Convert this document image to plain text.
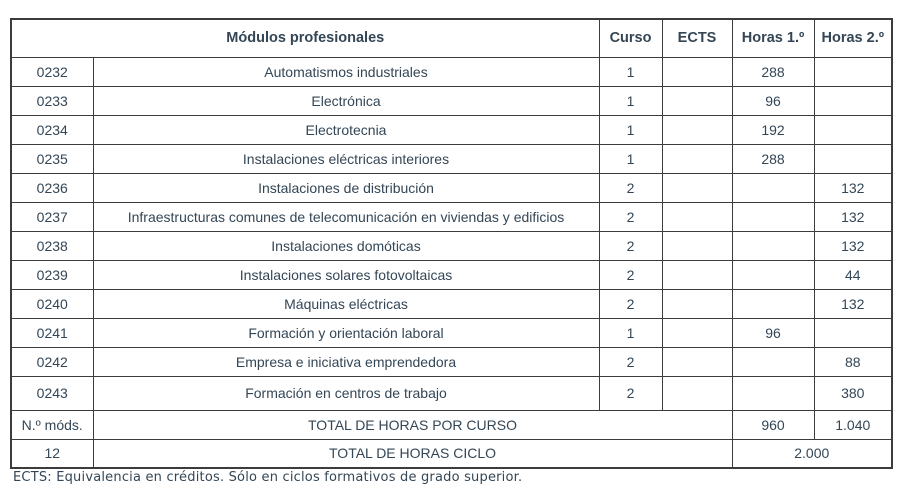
Módulos profesionales		Curso	ECTS	Horas 1.º	Horas 2.º
0232	Automatismos industriales	1		288	
0233	Electrónica	1		96	
0234	Electrotecnia	1		192	
0235	Instalaciones eléctricas interiores	1		288	
0236	Instalaciones de distribución	2			132
0237	Infraestructuras comunes de telecomunicación en viviendas y edificios	2			132
0238	Instalaciones domóticas	2			132
0239	Instalaciones solares fotovoltaicas	2			44
0240	Máquinas eléctricas	2			132
0241	Formación y orientación laboral	1		96	
0242	Empresa e iniciativa emprendedora	2			88
0243	Formación en centros de trabajo	2			380
N.º móds.	TOTAL DE HORAS POR CURSO			960	1.040
12	TOTAL DE HORAS CICLO			2.000	
ECTS: Equivalencia en créditos. Sólo en ciclos formativos de grado superior.
